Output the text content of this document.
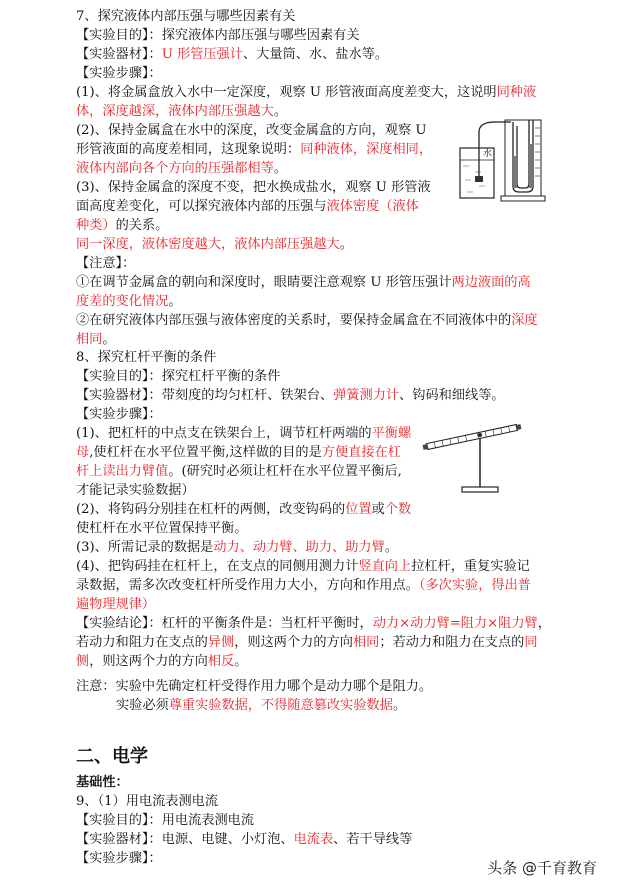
7、探究液体内部压强与哪些因素有关
【实验目的】：探究液体内部压强与哪些因素有关
【实验器材】：U 形管压强计、大量筒、水、盐水等。
【实验步骤】：
(1)、将金属盒放入水中一定深度，观察 U 形管液面高度差变大，这说明同种液
体，深度越深，液体内部压强越大。
(2)、保持金属盒在水中的深度，改变金属盒的方向，观察 U
形管液面的高度差相同，这现象说明：同种液体，深度相同，
液体内部向各个方向的压强都相等。
(3)、保持金属盒的深度不变，把水换成盐水，观察 U 形管液
面高度差变化，可以探究液体内部的压强与液体密度（液体
种类）的关系。
同一深度，液体密度越大，液体内部压强越大。
【注意】：
①在调节金属盒的朝向和深度时，眼睛要注意观察 U 形管压强计两边液面的高
度差的变化情况。
②在研究液体内部压强与液体密度的关系时，要保持金属盒在不同液体中的深度
相同。
水
8、探究杠杆平衡的条件
【实验目的】：探究杠杆平衡的条件
【实验器材】：带刻度的均匀杠杆、铁架台、弹簧测力计、钩码和细线等。
【实验步骤】：
(1)、把杠杆的中点支在铁架台上，调节杠杆两端的平衡螺
母,使杠杆在水平位置平衡,这样做的目的是方便直接在杠
杆上读出力臂值。(研究时必须让杠杆在水平位置平衡后,
才能记录实验数据）
(2)、将钩码分别挂在杠杆的两侧，改变钩码的位置或个数
使杠杆在水平位置保持平衡。
(3)、所需记录的数据是动力、动力臂、助力、助力臂。
(4)、把钩码挂在杠杆上，在支点的同侧用测力计竖直向上拉杠杆，重复实验记
录数据，需多次改变杠杆所受作用力大小，方向和作用点。（多次实验，得出普
遍物理规律）
【实验结论】：杠杆的平衡条件是：当杠杆平衡时，动力×动力臂=阻力×阻力臂，
若动力和阻力在支点的异侧，则这两个力的方向相同；若动力和阻力在支点的同
侧，则这两个力的方向相反。
注意：实验中先确定杠杆受得作用力哪个是动力哪个是阻力。
实验必须尊重实验数据，不得随意篡改实验数据。
二、电学
基础性：
9、（1）用电流表测电流
【实验目的】：用电流表测电流
【实验器材】：电源、电键、小灯泡、电流表、若干导线等
【实验步骤】：
头条 @千育教育
